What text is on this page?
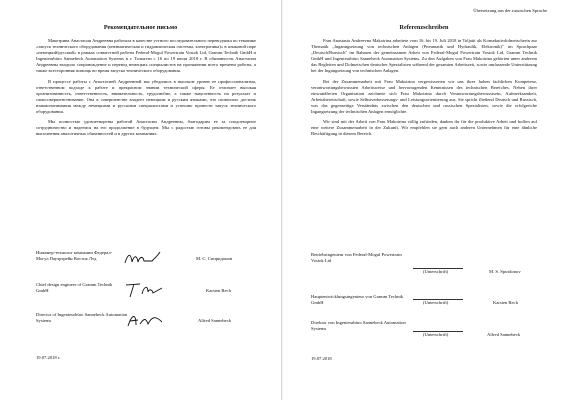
Рекомендательное письмо

Макотрина Анастасия Андреевна работала в качестве устного последовательного переводчика по тематике «запуск технического оборудования (пневматическая и гидравлическая системы, электроника)» в языковой паре «немецкий/русский» в рамках совместной работы Federal-Mogul Powertrain Vostok Ltd, Gramm Technik GmbH и Ingenieurbüro Sannebeck Automation Systems в г. Тольятти с 16 по 19 июля 2018 г. В обязанности Анастасии Андреевны входило сопровождение и перевод немецких специалистов на протяжении всего времени работы, а также всесторонняя помощь во время запуска технического оборудования.

В процессе работы с Анастасией Андреевной мы убедились в высоком уровне ее профессионализма, ответственном подходе к работе и прекрасном знании технической сферы. Ее отличает высокая организованность, ответственность, внимательность, трудолюбие, а также нацеленность на результат и самосовершенствование. Она в совершенстве владеет немецким и русским языками, что позволило достичь взаимопонимания между немецкими и русскими специалистами и успешно провести запуск технического оборудования.

Мы полностью удовлетворены работой Анастасии Андреевны, благодарим ее за плодотворное сотрудничество и надеемся на его продолжение в будущем. Мы с радостью готовы рекомендовать ее для выполнения аналогичных обязанностей и в других компаниях.

Инженер-технолог компании Федерал-Могул Пауэртрейн Восток Лтд	М. С. Спиридонов
Chief design engineer of Gramm Technik GmbH	Karsten Rech
Director of Ingenieurbüro Sannebeck Automation Systems	Alfred Sannebeck
19.07.2018 г.
Übersetzung aus der russischen Sprache
Referenzschreiben

Frau Anastasia Andreevna Makotrina arbeitete vom 16. bis 19. Juli 2018 in Toljatti als Konsekutivdolmetscherin zur Thematik „Inganngsetzung von technischen Anlagen (Pneumatik und Hydraulik, Elektronik)" im Sprachpaar „Deutsch/Russisch" im Rahmen der gemeinsamen Arbeit von Federal-Mogul Powertrain Vostok Ltd, Gramm Technik GmbH und Ingenieurbüro Sannebeck Automation Systems. Zu den Aufgaben von Frau Makotrina gehörten unter anderem das Begleiten und Dolmetschen deutscher Spezialisten während der gesamten Arbeitszeit, sowie umfassende Unterstützung bei der Ingangsetzung von technischen Anlagen.

Bei der Zusammenarbeit mit Frau Makotrina vergewisserten wir uns ihrer hohen fachlichen Kompetenz, verantwortungsbewussten Arbeitsweise und hervorragenden Kenntnissen des technischen Bereiches. Neben ihrer einwandfreien Organisation zeichnete sich Frau Makotrina durch Verantwortungsbewusstsein, Aufmerksamkeit, Arbeitsbereitschaft, sowie Selbstverbesserungs- und Leistungsorientierung aus. Sie spricht fließend Deutsch und Russisch, was das gegenseitige Verständnis zwischen den deutschen und russischen Spezialisten, sowie die erfolgreiche Ingangsetzung der technischen Anlagen ermöglichte.

Wir sind mit der Arbeit von Frau Makotrina völlig zufrieden, danken ihr für die produktive Arbeit und hoffen auf eine weitere Zusammenarbeit in der Zukunft. Wir empfehlen sie gern auch anderen Unternehmen für eine ähnliche Beschäftigung in diesem Bereich.

Betriebsingenieur von Federal-Mogul Powertrain Vostok Ltd
(Unterschrift)	M. S. Spiridonov
Hauptentwicklungsingenieur von Gramm Technik GmbH	(Unterschrift)	Karsten Rech
Direktor von Ingenieurbüro Sannebeck Automation Systems
(Unterschrift)	Alfred Sannebeck
19.07.2018
